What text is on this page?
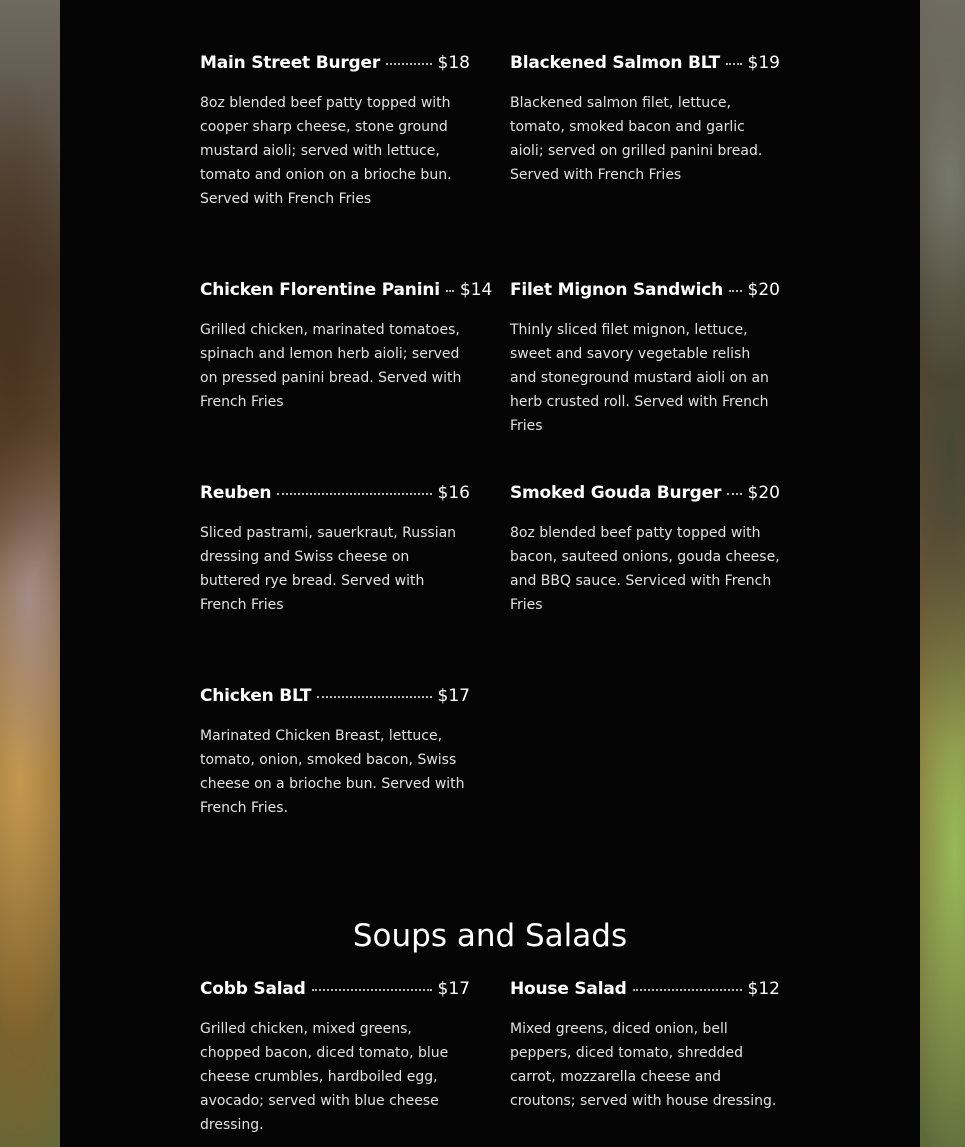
Main Street Burger	$18
8oz blended beef patty topped with cooper sharp cheese, stone ground mustard aioli; served with lettuce, tomato and onion on a brioche bun. Served with French Fries
Blackened Salmon BLT $19
Blackened salmon filet, lettuce, tomato, smoked bacon and garlic aioli; served on grilled panini bread. Served with French Fries
Chicken Florentine Panini $14
Grilled chicken, marinated tomatoes, spinach and lemon herb aioli; served on pressed panini bread. Served with French Fries
Filet Mignon Sandwich $20
Thinly sliced filet mignon, lettuce, sweet and savory vegetable relish and stoneground mustard aioli on an herb crusted roll. Served with French Fries
Reuben	$16
Sliced pastrami, sauerkraut, Russian dressing and Swiss cheese on buttered rye bread. Served with French Fries
Smoked Gouda Burger $20
8oz blended beef patty topped with bacon, sauteed onions, gouda cheese, and BBQ sauce. Serviced with French Fries
Chicken BLT	$17
Marinated Chicken Breast, lettuce, tomato, onion, smoked bacon, Swiss cheese on a brioche bun. Served with French Fries.
Soups and Salads
Cobb Salad	$17
Grilled chicken, mixed greens, chopped bacon, diced tomato, blue cheese crumbles, hardboiled egg, avocado; served with blue cheese dressing.
House Salad	$12
Mixed greens, diced onion, bell peppers, diced tomato, shredded carrot, mozzarella cheese and croutons; served with house dressing.
